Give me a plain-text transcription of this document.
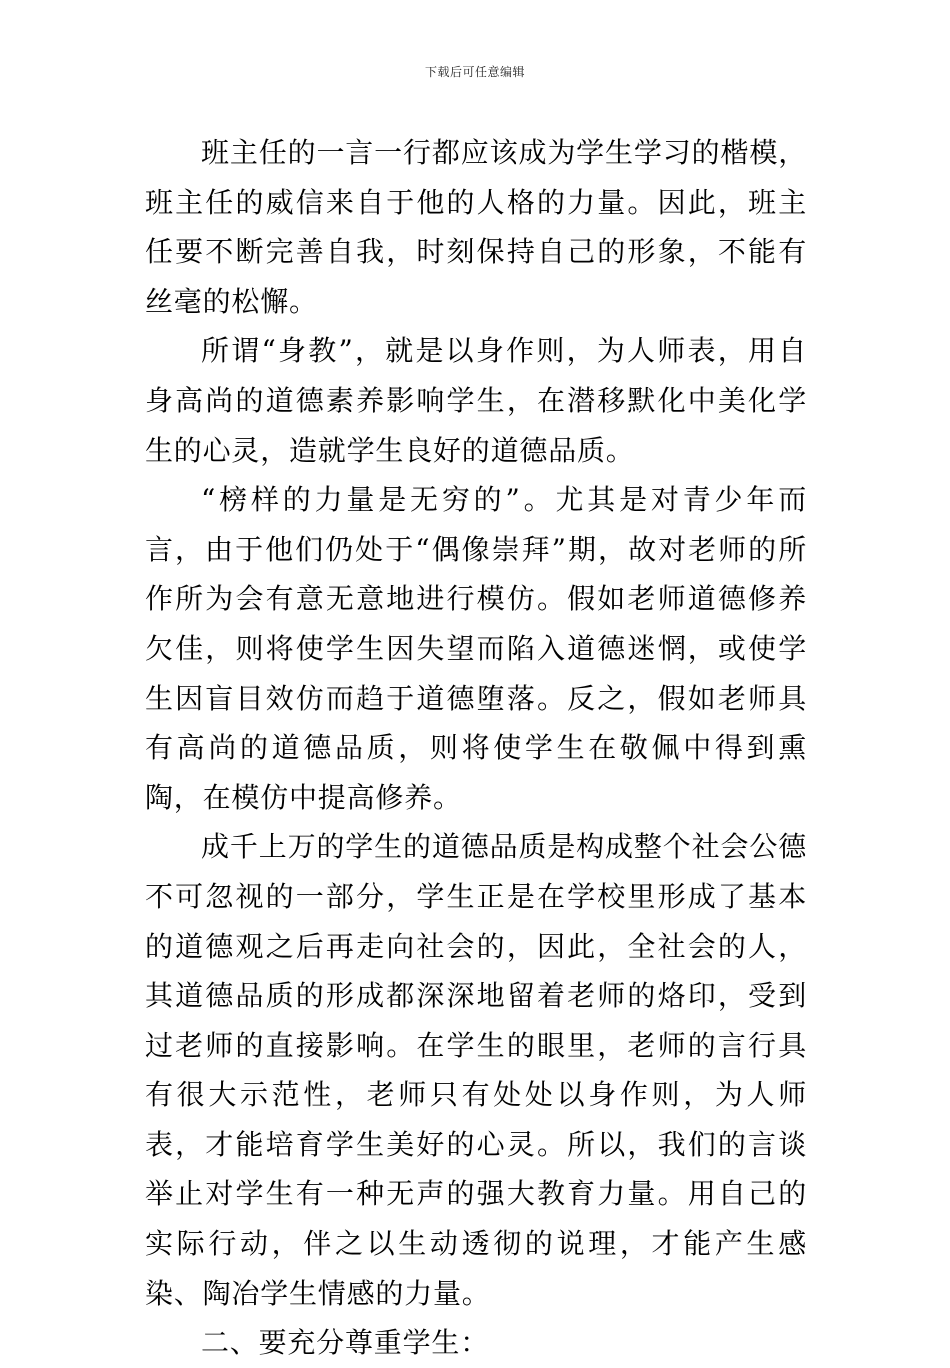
下载后可任意编辑

班主任的一言一行都应该成为学生学习的楷模，班主任的威信来自于他的人格的力量。因此，班主任要不断完善自我，时刻保持自己的形象，不能有丝毫的松懈。

所谓“身教”，就是以身作则，为人师表，用自身高尚的道德素养影响学生，在潜移默化中美化学生的心灵，造就学生良好的道德品质。

“榜样的力量是无穷的”。尤其是对青少年而言，由于他们仍处于“偶像崇拜”期，故对老师的所作所为会有意无意地进行模仿。假如老师道德修养欠佳，则将使学生因失望而陷入道德迷惘，或使学生因盲目效仿而趋于道德堕落。反之，假如老师具有高尚的道德品质，则将使学生在敬佩中得到熏陶，在模仿中提高修养。

成千上万的学生的道德品质是构成整个社会公德不可忽视的一部分，学生正是在学校里形成了基本的道德观之后再走向社会的，因此，全社会的人，其道德品质的形成都深深地留着老师的烙印，受到过老师的直接影响。在学生的眼里，老师的言行具有很大示范性，老师只有处处以身作则，为人师表，才能培育学生美好的心灵。所以，我们的言谈举止对学生有一种无声的强大教育力量。用自己的实际行动，伴之以生动透彻的说理，才能产生感染、陶冶学生情感的力量。

二、要充分尊重学生：
